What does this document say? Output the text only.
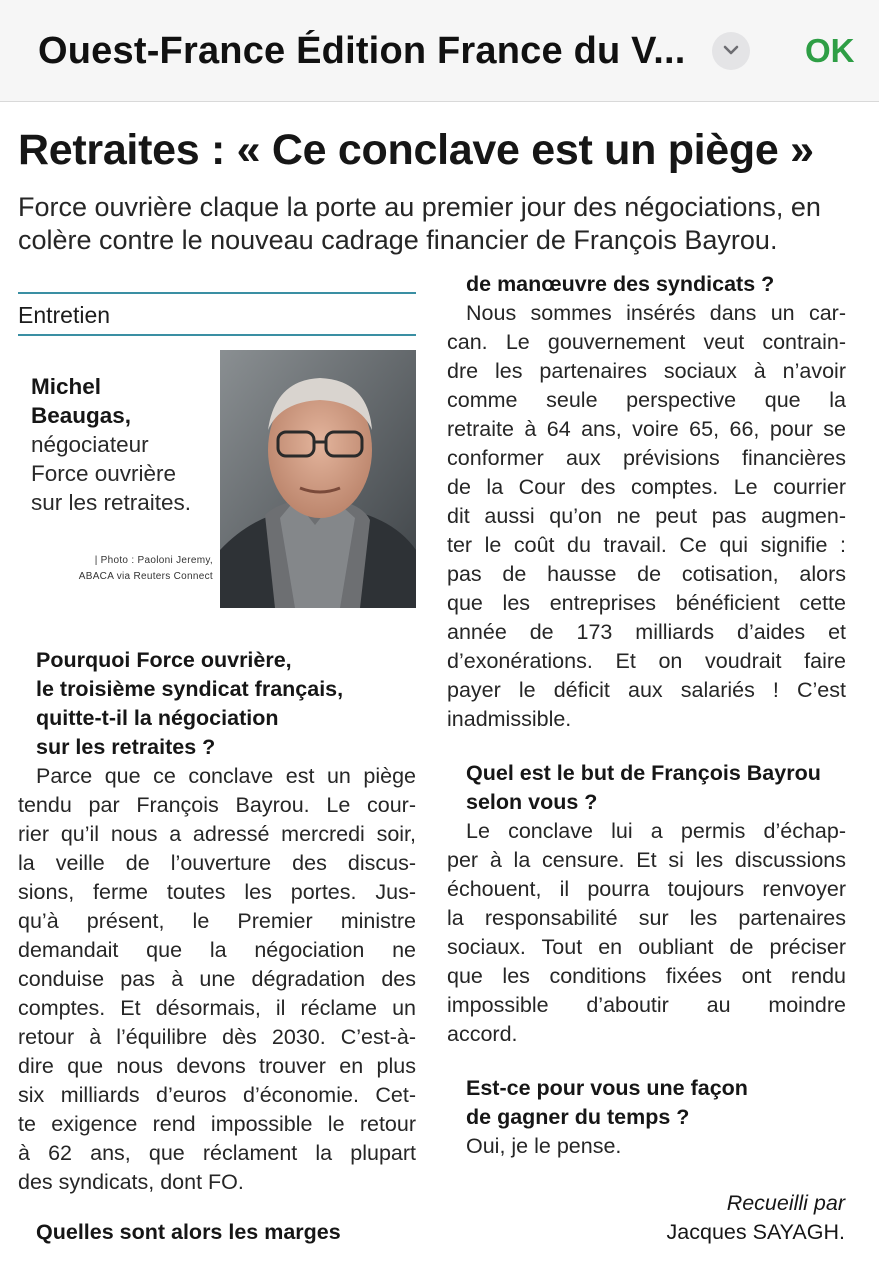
Ouest-France Édition France du V...	OK
Retraites : « Ce conclave est un piège »
Force ouvrière claque la porte au premier jour des négociations, en colère contre le nouveau cadrage financier de François Bayrou.
Entretien
Michel
Beaugas,
négociateur
Force ouvrière
sur les retraites.
| Photo : Paoloni Jeremy,
ABACA via Reuters Connect
Pourquoi Force ouvrière,
le troisième syndicat français,
quitte-t-il la négociation
sur les retraites ?
Parce que ce conclave est un piège
tendu par François Bayrou. Le cour-
rier qu’il nous a adressé mercredi soir,
la veille de l’ouverture des discus-
sions, ferme toutes les portes. Jus-
qu’à présent, le Premier ministre
demandait que la négociation ne
conduise pas à une dégradation des
comptes. Et désormais, il réclame un
retour à l’équilibre dès 2030. C’est-à-
dire que nous devons trouver en plus
six milliards d’euros d’économie. Cet-
te exigence rend impossible le retour
à 62 ans, que réclament la plupart
des syndicats, dont FO.
Quelles sont alors les marges
de manœuvre des syndicats ?
Nous sommes insérés dans un car-
can. Le gouvernement veut contrain-
dre les partenaires sociaux à n’avoir
comme seule perspective que la
retraite à 64 ans, voire 65, 66, pour se
conformer aux prévisions financières
de la Cour des comptes. Le courrier
dit aussi qu’on ne peut pas augmen-
ter le coût du travail. Ce qui signifie :
pas de hausse de cotisation, alors
que les entreprises bénéficient cette
année de 173 milliards d’aides et
d’exonérations. Et on voudrait faire
payer le déficit aux salariés ! C’est
inadmissible.
Quel est le but de François Bayrou
selon vous ?
Le conclave lui a permis d’échap-
per à la censure. Et si les discussions
échouent, il pourra toujours renvoyer
la responsabilité sur les partenaires
sociaux. Tout en oubliant de préciser
que les conditions fixées ont rendu
impossible d’aboutir au moindre
accord.
Est-ce pour vous une façon
de gagner du temps ?
Oui, je le pense.
Recueilli par
Jacques SAYAGH.
